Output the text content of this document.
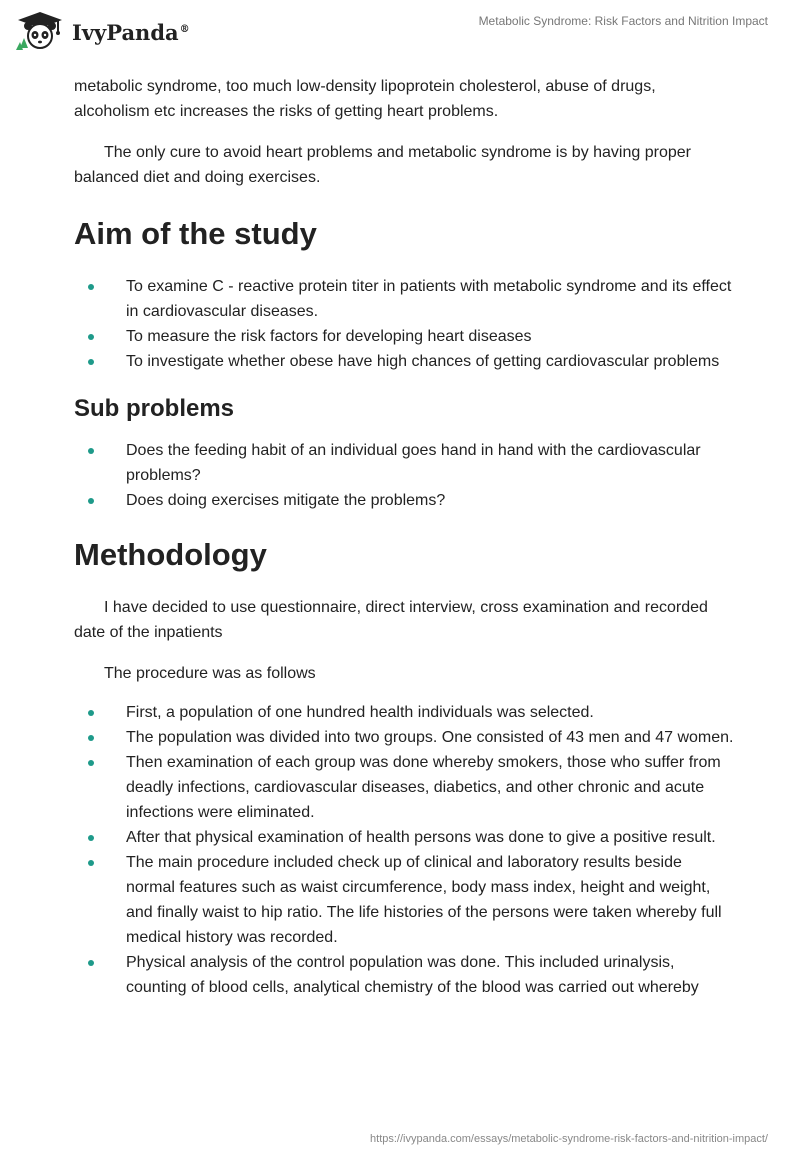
IvyPanda®
Metabolic Syndrome: Risk Factors and Nitrition Impact

metabolic syndrome, too much low-density lipoprotein cholesterol, abuse of drugs, alcoholism etc increases the risks of getting heart problems.

The only cure to avoid heart problems and metabolic syndrome is by having proper balanced diet and doing exercises.

Aim of the study
To examine C - reactive protein titer in patients with metabolic syndrome and its effect in cardiovascular diseases.
To measure the risk factors for developing heart diseases
To investigate whether obese have high chances of getting cardiovascular problems
Sub problems
Does the feeding habit of an individual goes hand in hand with the cardiovascular problems?
Does doing exercises mitigate the problems?
Methodology

I have decided to use questionnaire, direct interview, cross examination and recorded date of the inpatients

The procedure was as follows

First, a population of one hundred health individuals was selected.
The population was divided into two groups. One consisted of 43 men and 47 women.
Then examination of each group was done whereby smokers, those who suffer from deadly infections, cardiovascular diseases, diabetics, and other chronic and acute infections were eliminated.
After that physical examination of health persons was done to give a positive result.
The main procedure included check up of clinical and laboratory results beside normal features such as waist circumference, body mass index, height and weight, and finally waist to hip ratio. The life histories of the persons were taken whereby full medical history was recorded.
Physical analysis of the control population was done. This included urinalysis, counting of blood cells, analytical chemistry of the blood was carried out whereby
https://ivypanda.com/essays/metabolic-syndrome-risk-factors-and-nitrition-impact/
